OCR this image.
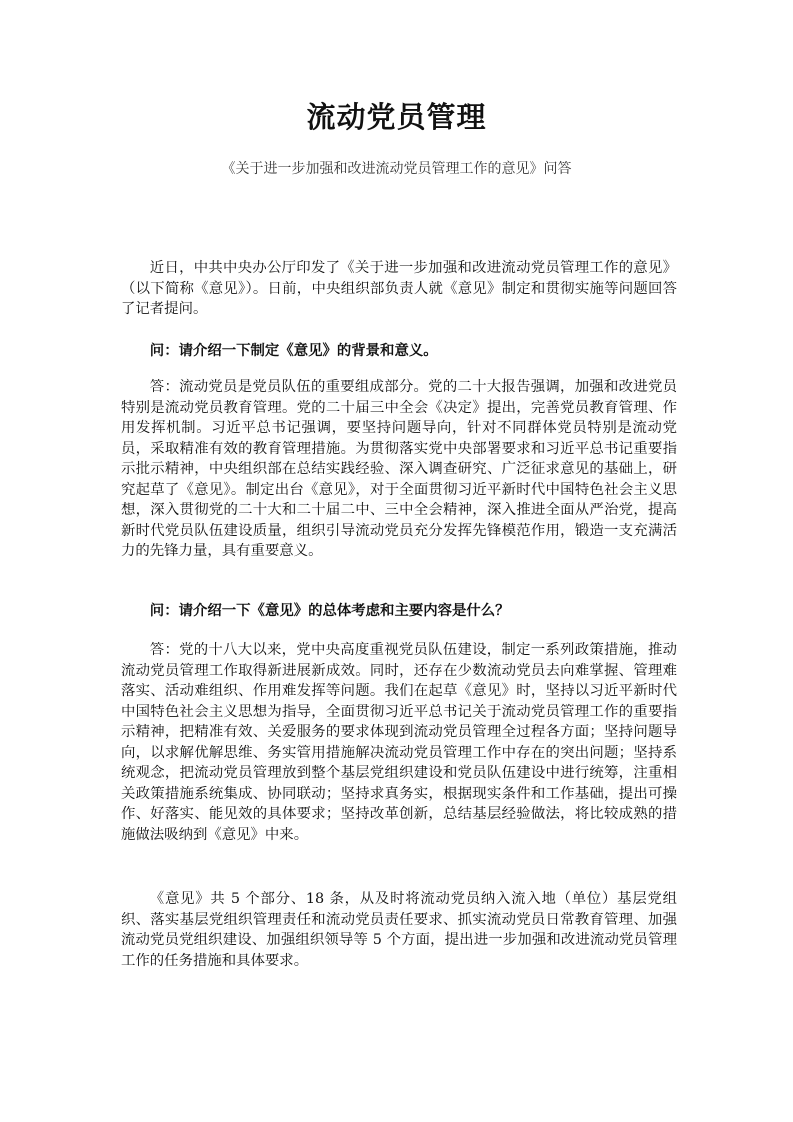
流动党员管理

《关于进一步加强和改进流动党员管理工作的意见》问答

近日，中共中央办公厅印发了《关于进一步加强和改进流动党员管理工作的意见》（以下简称《意见》）。日前，中央组织部负责人就《意见》制定和贯彻实施等问题回答了记者提问。

问：请介绍一下制定《意见》的背景和意义。

答：流动党员是党员队伍的重要组成部分。党的二十大报告强调，加强和改进党员特别是流动党员教育管理。党的二十届三中全会《决定》提出，完善党员教育管理、作用发挥机制。习近平总书记强调，要坚持问题导向，针对不同群体党员特别是流动党员，采取精准有效的教育管理措施。为贯彻落实党中央部署要求和习近平总书记重要指示批示精神，中央组织部在总结实践经验、深入调查研究、广泛征求意见的基础上，研究起草了《意见》。制定出台《意见》，对于全面贯彻习近平新时代中国特色社会主义思想，深入贯彻党的二十大和二十届二中、三中全会精神，深入推进全面从严治党，提高新时代党员队伍建设质量，组织引导流动党员充分发挥先锋模范作用，锻造一支充满活力的先锋力量，具有重要意义。

问：请介绍一下《意见》的总体考虑和主要内容是什么？

答：党的十八大以来，党中央高度重视党员队伍建设，制定一系列政策措施，推动流动党员管理工作取得新进展新成效。同时，还存在少数流动党员去向难掌握、管理难落实、活动难组织、作用难发挥等问题。我们在起草《意见》时，坚持以习近平新时代中国特色社会主义思想为指导，全面贯彻习近平总书记关于流动党员管理工作的重要指示精神，把精准有效、关爱服务的要求体现到流动党员管理全过程各方面；坚持问题导向，以求解优解思维、务实管用措施解决流动党员管理工作中存在的突出问题；坚持系统观念，把流动党员管理放到整个基层党组织建设和党员队伍建设中进行统筹，注重相关政策措施系统集成、协同联动；坚持求真务实，根据现实条件和工作基础，提出可操作、好落实、能见效的具体要求；坚持改革创新，总结基层经验做法，将比较成熟的措施做法吸纳到《意见》中来。

《意见》共 5 个部分、18 条，从及时将流动党员纳入流入地（单位）基层党组织、落实基层党组织管理责任和流动党员责任要求、抓实流动党员日常教育管理、加强流动党员党组织建设、加强组织领导等 5 个方面，提出进一步加强和改进流动党员管理工作的任务措施和具体要求。
